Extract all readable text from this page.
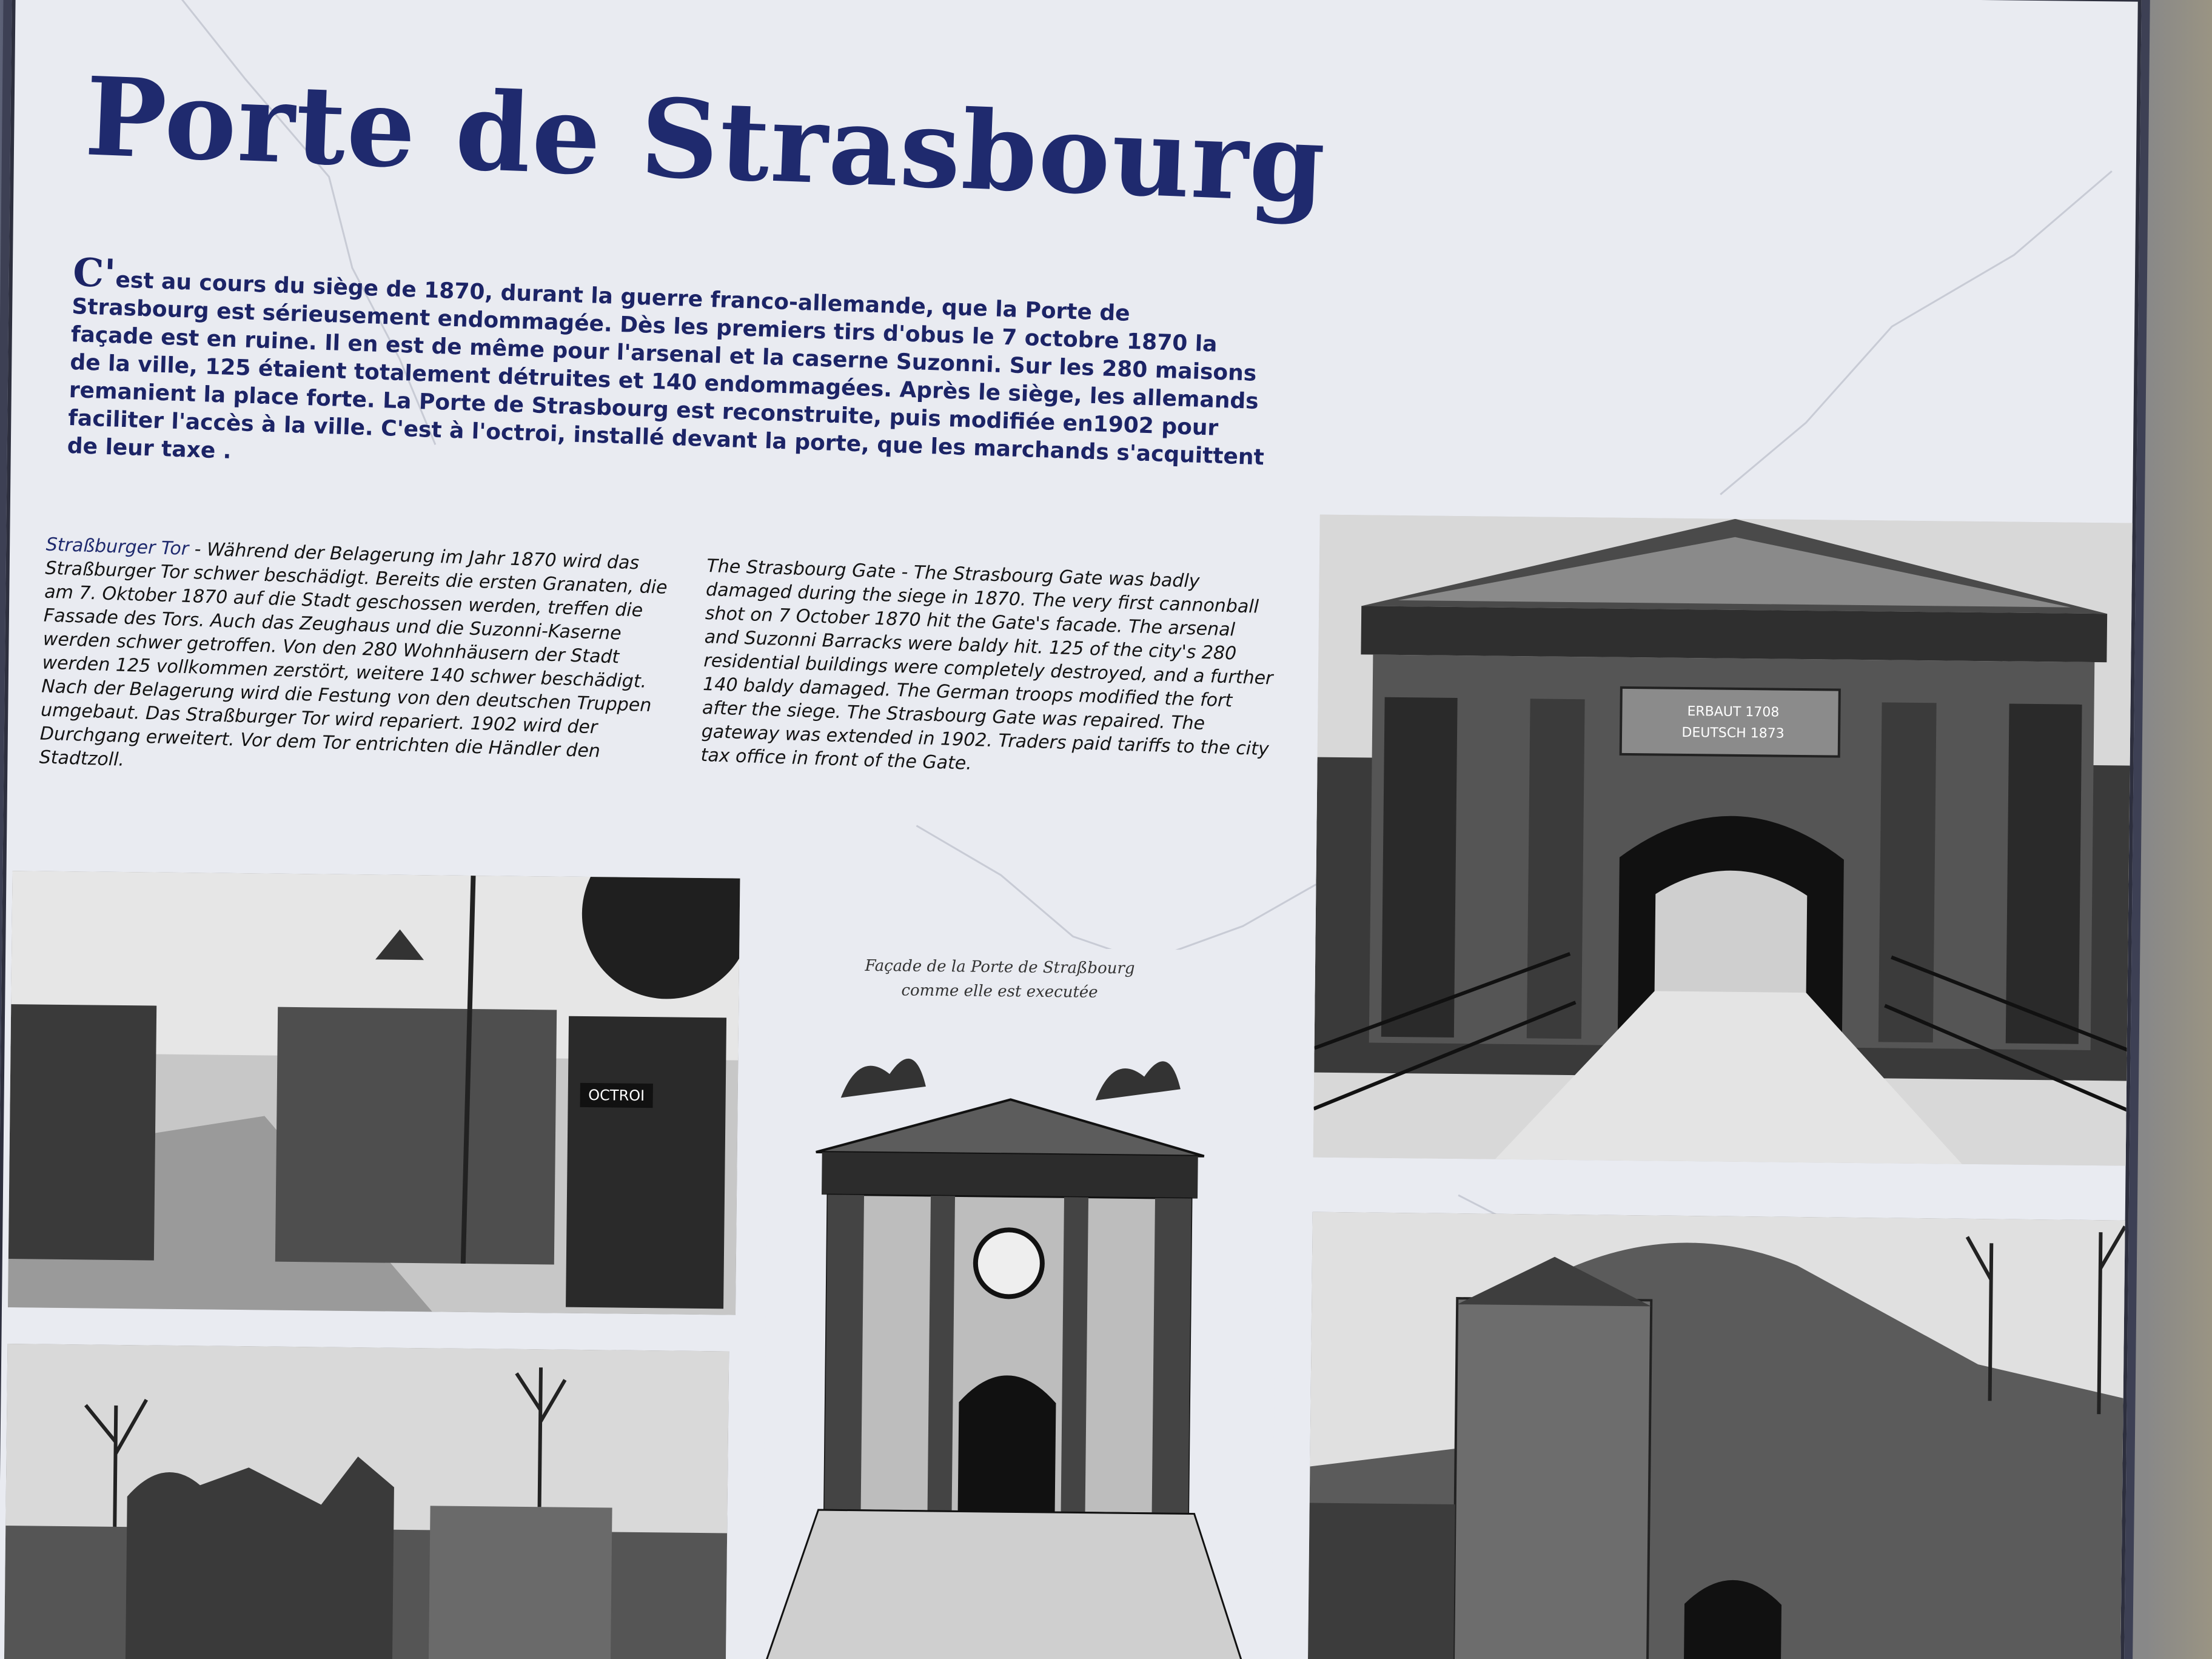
Porte de Strasbourg
C'est au cours du siège de 1870, durant la guerre franco-allemande, que la Porte de Strasbourg est sérieusement endommagée. Dès les premiers tirs d'obus le 7 octobre 1870 la façade est en ruine. Il en est de même pour l'arsenal et la caserne Suzonni. Sur les 280 maisons de la ville, 125 étaient totalement détruites et 140 endommagées. Après le siège, les allemands remanient la place forte. La Porte de Strasbourg est reconstruite, puis modifiée en1902 pour faciliter l'accès à la ville. C'est à l'octroi, installé devant la porte, que les marchands s'acquittent de leur taxe .
Straßburger Tor - Während der Belagerung im Jahr 1870 wird das Straßburger Tor schwer beschädigt. Bereits die ersten Granaten, die am 7. Oktober 1870 auf die Stadt geschossen werden, treffen die Fassade des Tors. Auch das Zeughaus und die Suzonni-Kaserne werden schwer getroffen. Von den 280 Wohnhäusern der Stadt werden 125 vollkommen zerstört, weitere 140 schwer beschädigt. Nach der Belagerung wird die Festung von den deutschen Truppen umgebaut. Das Straßburger Tor wird repariert. 1902 wird der Durchgang erweitert. Vor dem Tor entrichten die Händler den Stadtzoll.
The Strasbourg Gate - The Strasbourg Gate was badly damaged during the siege in 1870. The very first cannonball shot on 7 October 1870 hit the Gate's facade. The arsenal and Suzonni Barracks were baldy hit. 125 of the city's 280 residential buildings were completely destroyed, and a further 140 baldy damaged. The German troops modified the fort after the siege. The Strasbourg Gate was repaired. The gateway was extended in 1902. Traders paid tariffs to the city tax office in front of the Gate.
ERBAUT 1708
DEUTSCH 1873
OCTROI
Façade de la Porte de Straßbourg
comme elle est executée
